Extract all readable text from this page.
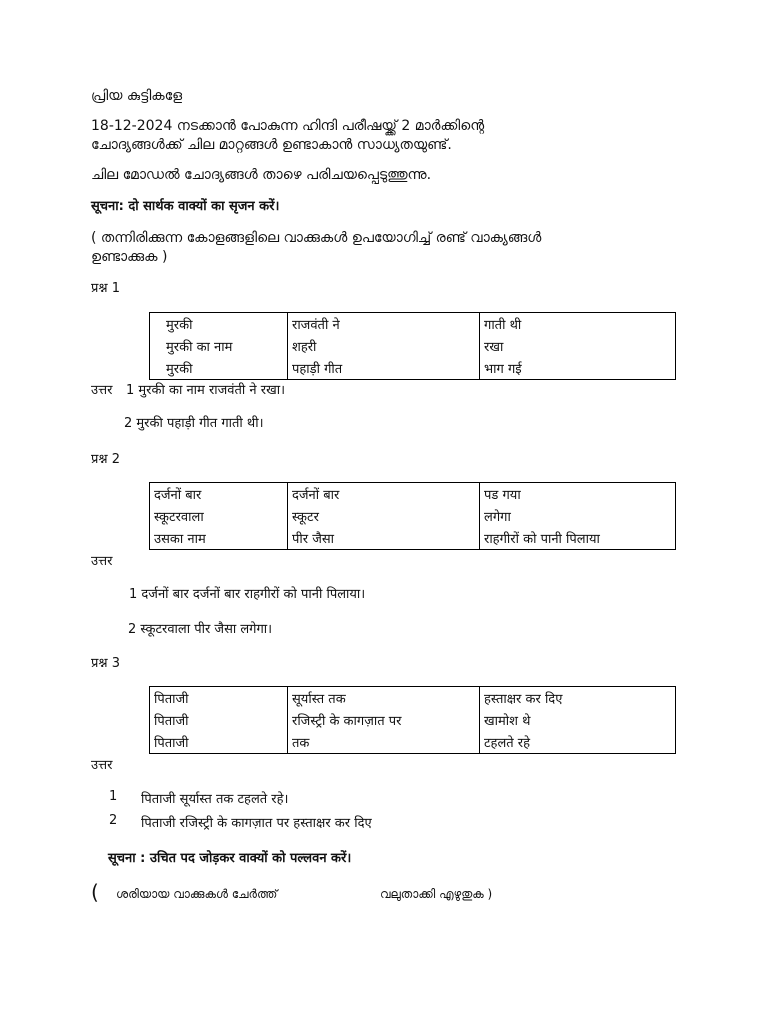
പ്രിയ കുട്ടികളേ
18-12-2024 നടക്കാൻ പോകുന്ന ഹിന്ദി പരീഷയ്ക്ക് 2 മാർക്കിന്റെ
ചോദ്യങ്ങൾക്ക് ചില മാറ്റങ്ങൾ ഉണ്ടാകാൻ സാധ്യതയുണ്ട്.
ചില മോഡൽ ചോദ്യങ്ങൾ താഴെ പരിചയപ്പെടുത്തുന്നു.
सूचना: दो सार्थक वाक्यों का सृजन करें।
( തന്നിരിക്കുന്ന കോളങ്ങളിലെ വാക്കുകൾ ഉപയോഗിച്ച് രണ്ട് വാക്യങ്ങൾ
ഉണ്ടാക്കുക )
प्रश्न 1
मुरकी	राजवंती ने	गाती थी
मुरकी का नाम	शहरी	रखा
मुरकी	पहाड़ी गीत	भाग गई
उत्तर 1 मुरकी का नाम राजवंती ने रखा।
2 मुरकी पहाड़ी गीत गाती थी।
प्रश्न 2
दर्जनों बार	दर्जनों बार	पड गया
स्कूटरवाला	स्कूटर	लगेगा
उसका नाम	पीर जैसा	राहगीरों को पानी पिलाया
उत्तर
1 दर्जनों बार दर्जनों बार राहगीरों को पानी पिलाया।
2 स्कूटरवाला पीर जैसा लगेगा।
प्रश्न 3
पिताजी	सूर्यास्त तक	हस्ताक्षर कर दिए
पिताजी	रजिस्ट्री के कागज़ात पर	खामोश थे
पिताजी	तक	टहलते रहे
उत्तर
1 पिताजी सूर्यास्त तक टहलते रहे।
2 पिताजी रजिस्ट्री के कागज़ात पर हस्ताक्षर कर दिए
सूचना : उचित पद जोड़कर वाक्यों को पल्लवन करें।
( ശരിയായ വാക്കുകൾ ചേർത്ത്	വലുതാക്കി എഴുതുക )
